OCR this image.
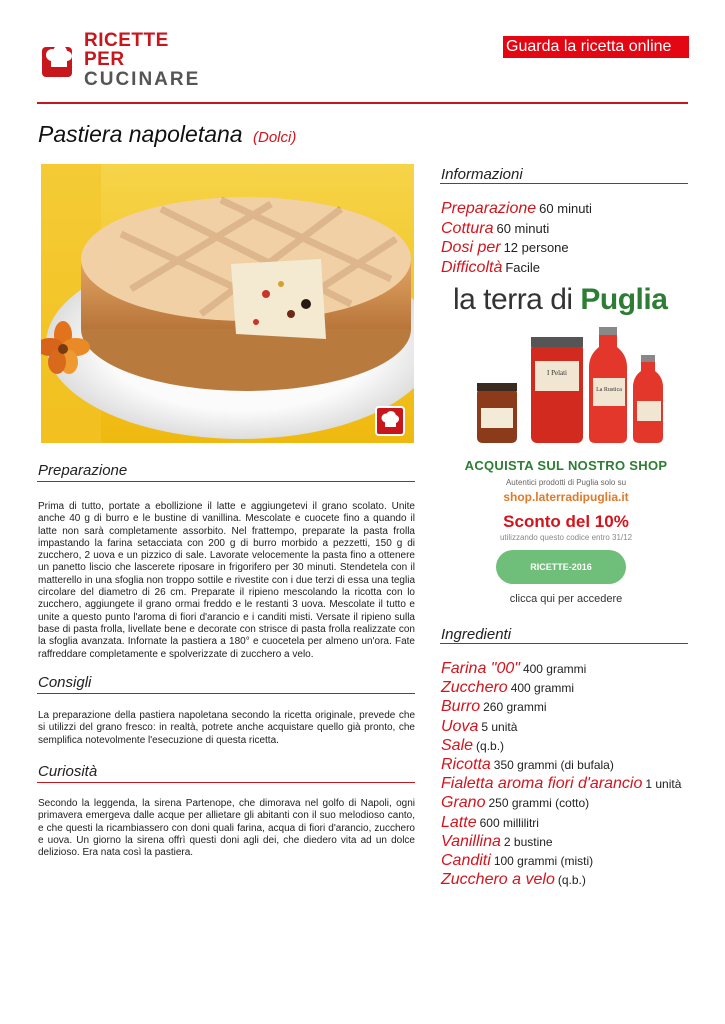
RICETTE PER
CUCINARE
Guarda la ricetta online
Pastiera napoletana (Dolci)
Preparazione
Prima di tutto, portate a ebollizione il latte e aggiungetevi il grano scolato. Unite anche 40 g di burro e le bustine di vanillina. Mescolate e cuocete fino a quando il latte non sarà completamente assorbito. Nel frattempo, preparate la pasta frolla impastando la farina setacciata con 200 g di burro morbido a pezzetti, 150 g di zucchero, 2 uova e un pizzico di sale. Lavorate velocemente la pasta fino a ottenere un panetto liscio che lascerete riposare in frigorifero per 30 minuti. Stendetela con il matterello in una sfoglia non troppo sottile e rivestite con i due terzi di essa una teglia circolare del diametro di 26 cm. Preparate il ripieno mescolando la ricotta con lo zucchero, aggiungete il grano ormai freddo e le restanti 3 uova. Mescolate il tutto e unite a questo punto l'aroma di fiori d'arancio e i canditi misti. Versate il ripieno sulla base di pasta frolla, livellate bene e decorate con strisce di pasta frolla realizzate con la sfoglia avanzata. Infornate la pastiera a 180° e cuocetela per almeno un'ora. Fate raffreddare completamente e spolverizzate di zucchero a velo.
Consigli
La preparazione della pastiera napoletana secondo la ricetta originale, prevede che si utilizzi del grano fresco: in realtà, potrete anche acquistare quello già pronto, che semplifica notevolmente l'esecuzione di questa ricetta.
Curiosità
Secondo la leggenda, la sirena Partenope, che dimorava nel golfo di Napoli, ogni primavera emergeva dalle acque per allietare gli abitanti con il suo melodioso canto, e che questi la ricambiassero con doni quali farina, acqua di fiori d'arancio, zucchero e uova. Un giorno la sirena offrì questi doni agli dei, che diedero vita ad un dolce delizioso. Era nata così la pastiera.
Informazioni
Preparazione 60 minuti
Cottura 60 minuti
Dosi per 12 persone
Difficoltà Facile
la terra di Puglia
I Pelati
La Rustica
ACQUISTA SUL NOSTRO SHOP
Autentici prodotti di Puglia solo su
shop.laterradipuglia.it
Sconto del 10%
utilizzando questo codice entro 31/12
RICETTE-2016
clicca qui per accedere
Ingredienti
Farina "00" 400 grammi
Zucchero 400 grammi
Burro 260 grammi
Uova 5 unità
Sale (q.b.)
Ricotta 350 grammi (di bufala)
Fialetta aroma fiori d'arancio 1 unità
Grano 250 grammi (cotto)
Latte 600 millilitri
Vanillina 2 bustine
Canditi 100 grammi (misti)
Zucchero a velo (q.b.)
